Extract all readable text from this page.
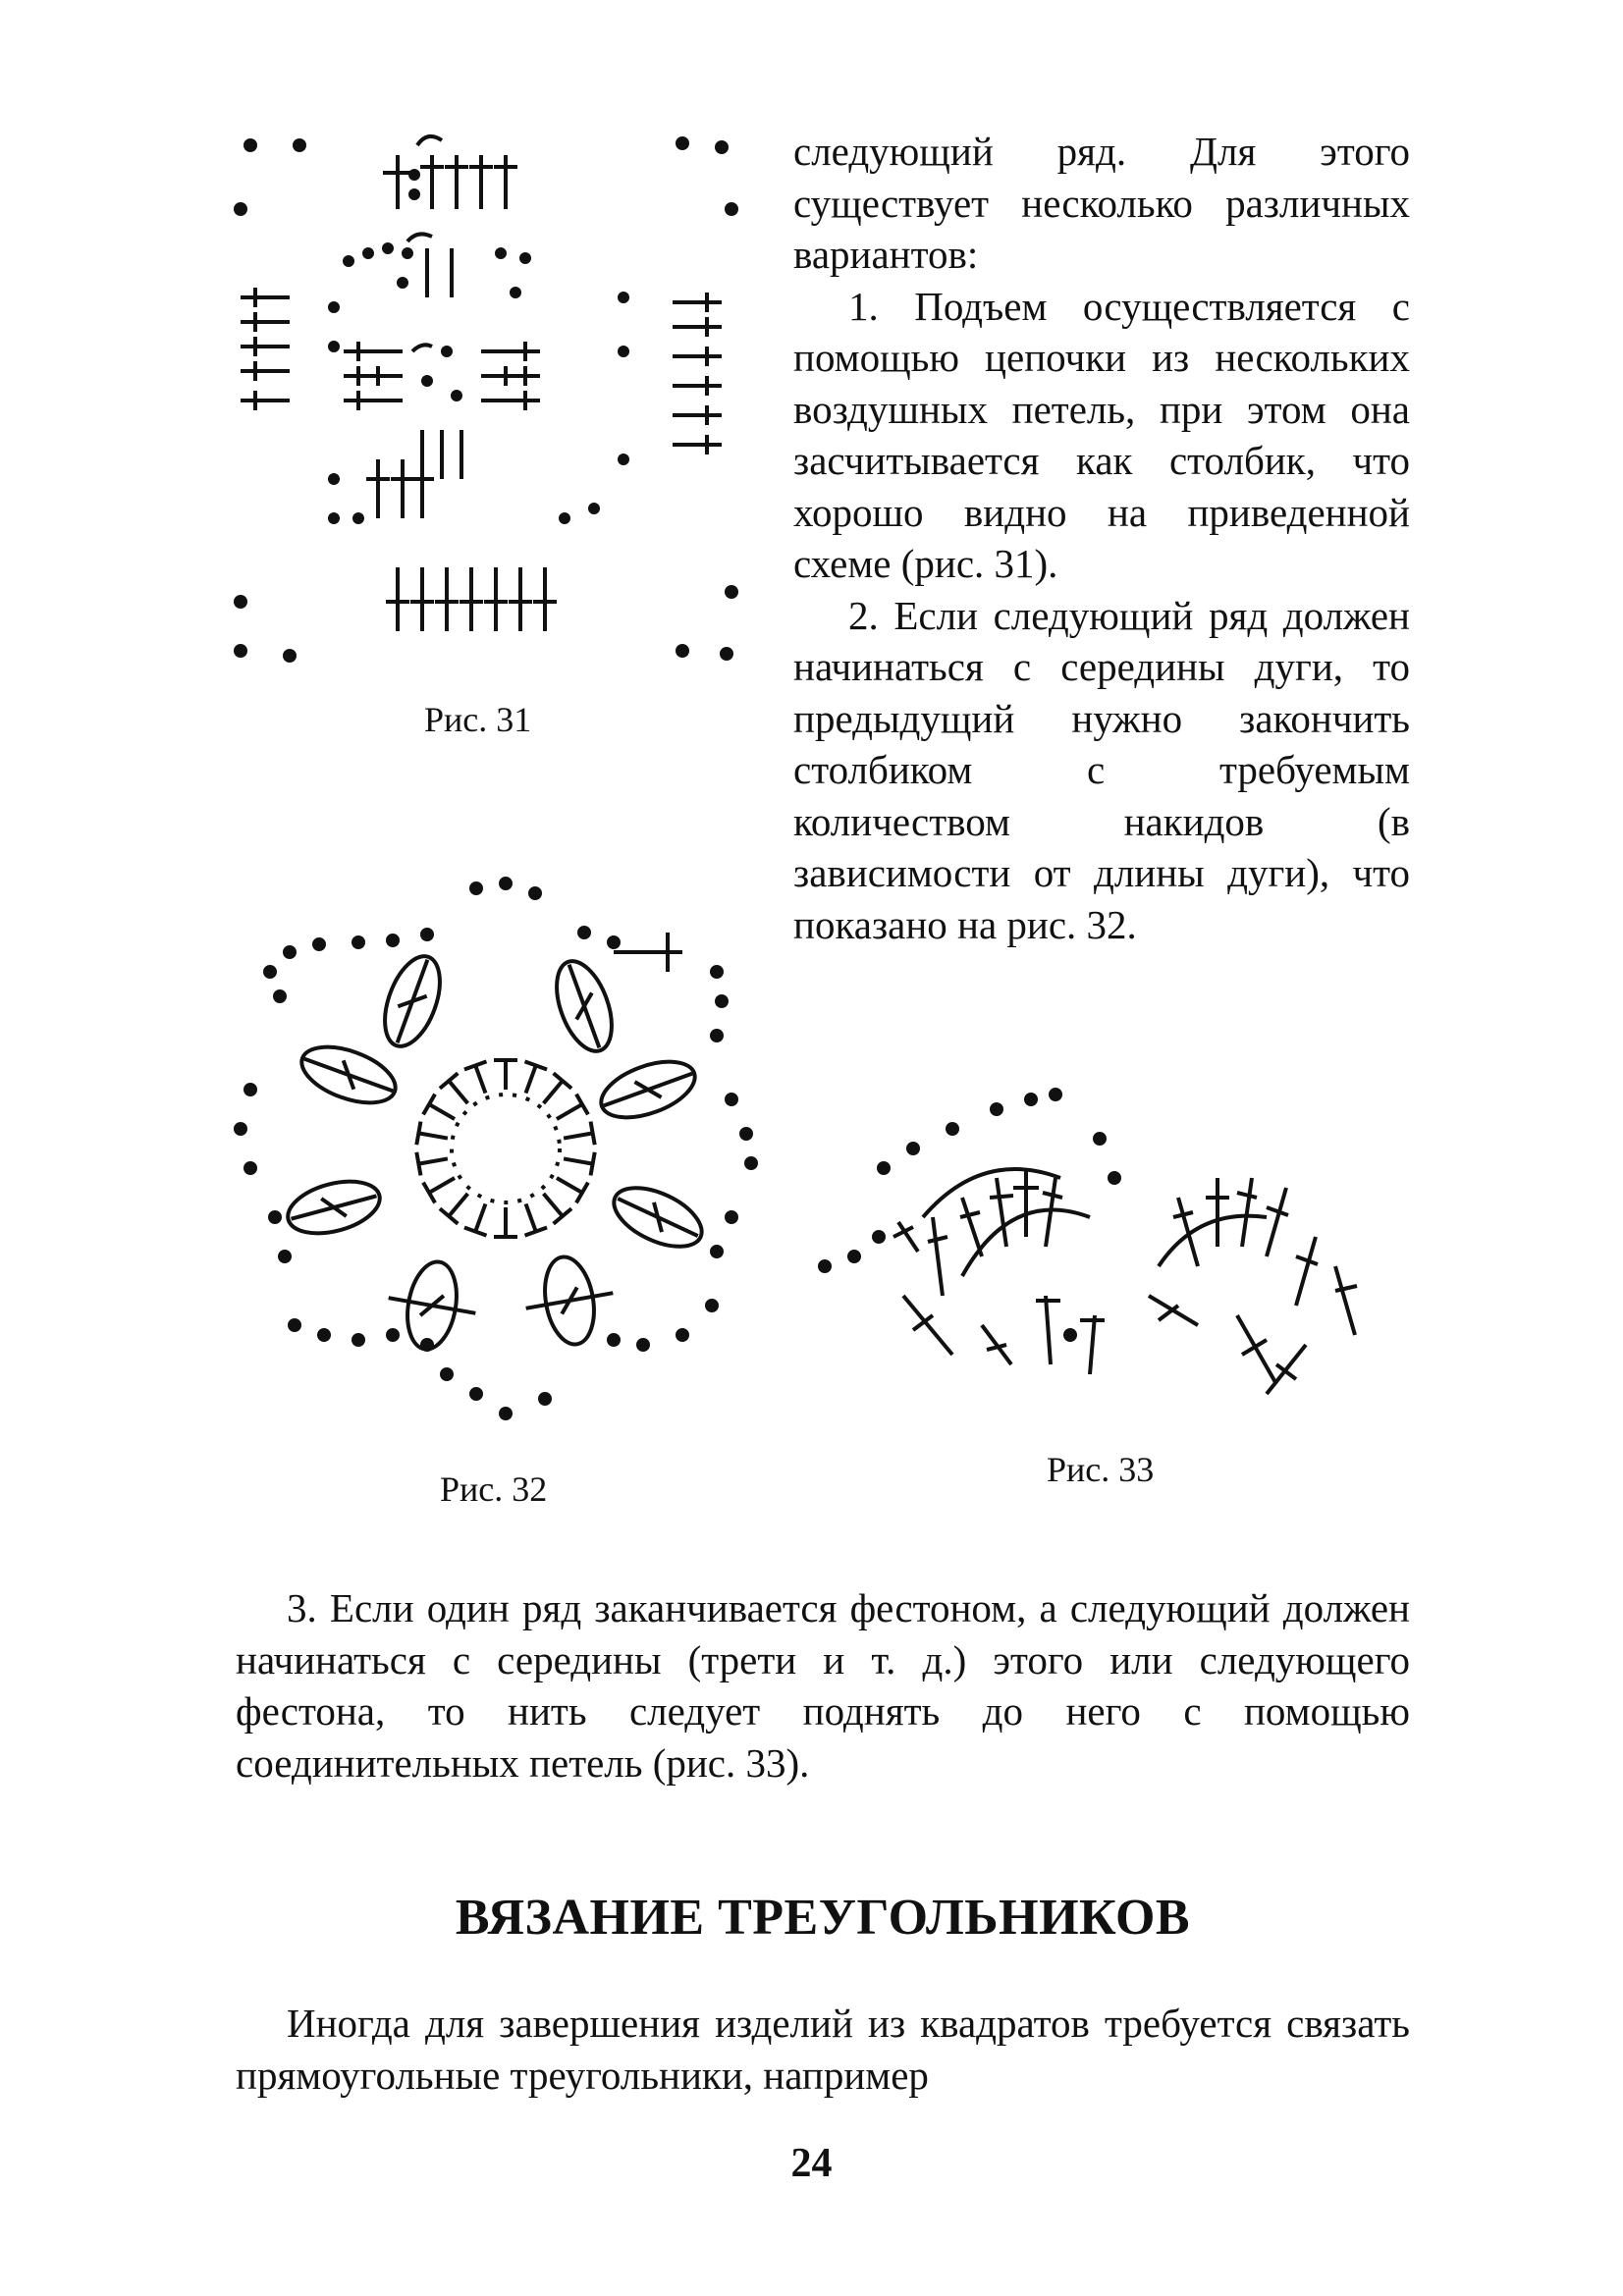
Рис. 31
Рис. 32	Рис. 33

следующий ряд. Для этого существует несколько различных вариантов:

1. Подъем осуществляется с помощью цепочки из нескольких воздушных петель, при этом она засчитывается как столбик, что хорошо видно на приведенной схеме (рис. 31).

2. Если следующий ряд должен начинаться с середины дуги, то предыдущий нужно закончить столбиком с требуемым количеством накидов (в зависимости от длины дуги), что показано на рис. 32.

3. Если один ряд заканчивается фестоном, а следующий должен начинаться с середины (трети и т. д.) этого или следующего фестона, то нить следует поднять до него с помощью соединительных петель (рис. 33).

ВЯЗАНИЕ ТРЕУГОЛЬНИКОВ

Иногда для завершения изделий из квадратов требуется связать прямоугольные треугольники, например

24
